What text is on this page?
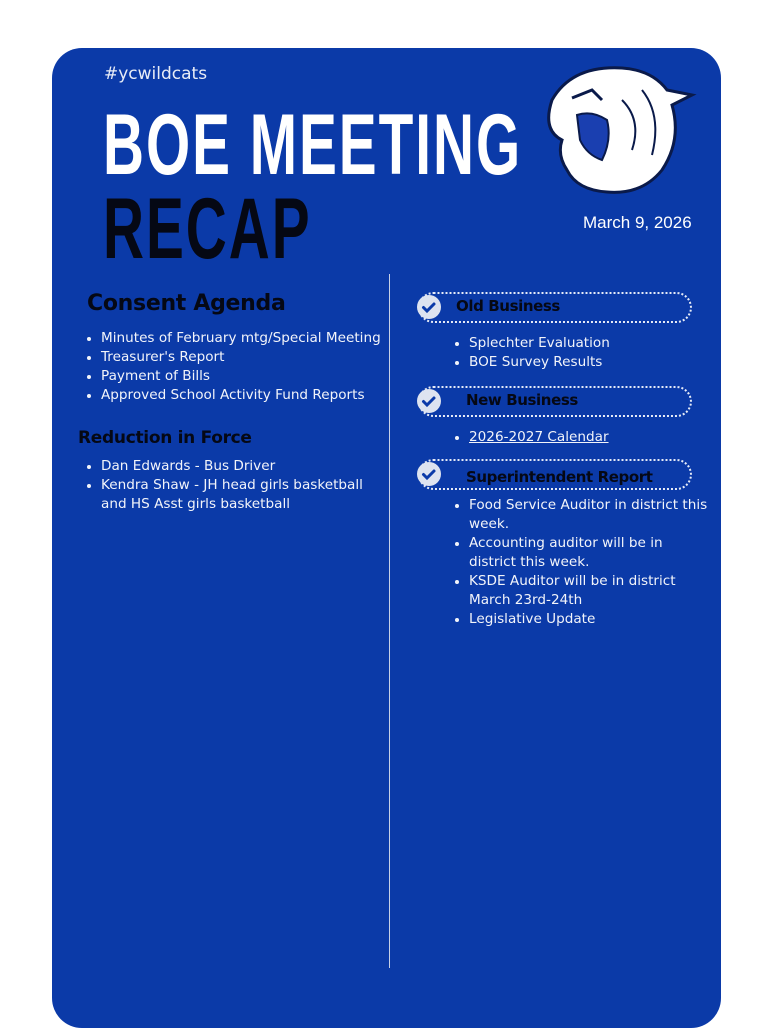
#ycwildcats
BOE MEETING
RECAP	March 9, 2026
Consent Agenda
Minutes of February mtg/Special Meeting
Treasurer's Report
Payment of Bills
Approved School Activity Fund Reports
Reduction in Force
Dan Edwards - Bus Driver
Kendra Shaw - JH head girls basketball and HS Asst girls basketball
Old Business
Splechter Evaluation
BOE Survey Results
New Business
2026-2027 Calendar
Superintendent Report
Food Service Auditor in district this week.
Accounting auditor will be in district this week.
KSDE Auditor will be in district March 23rd-24th
Legislative Update
